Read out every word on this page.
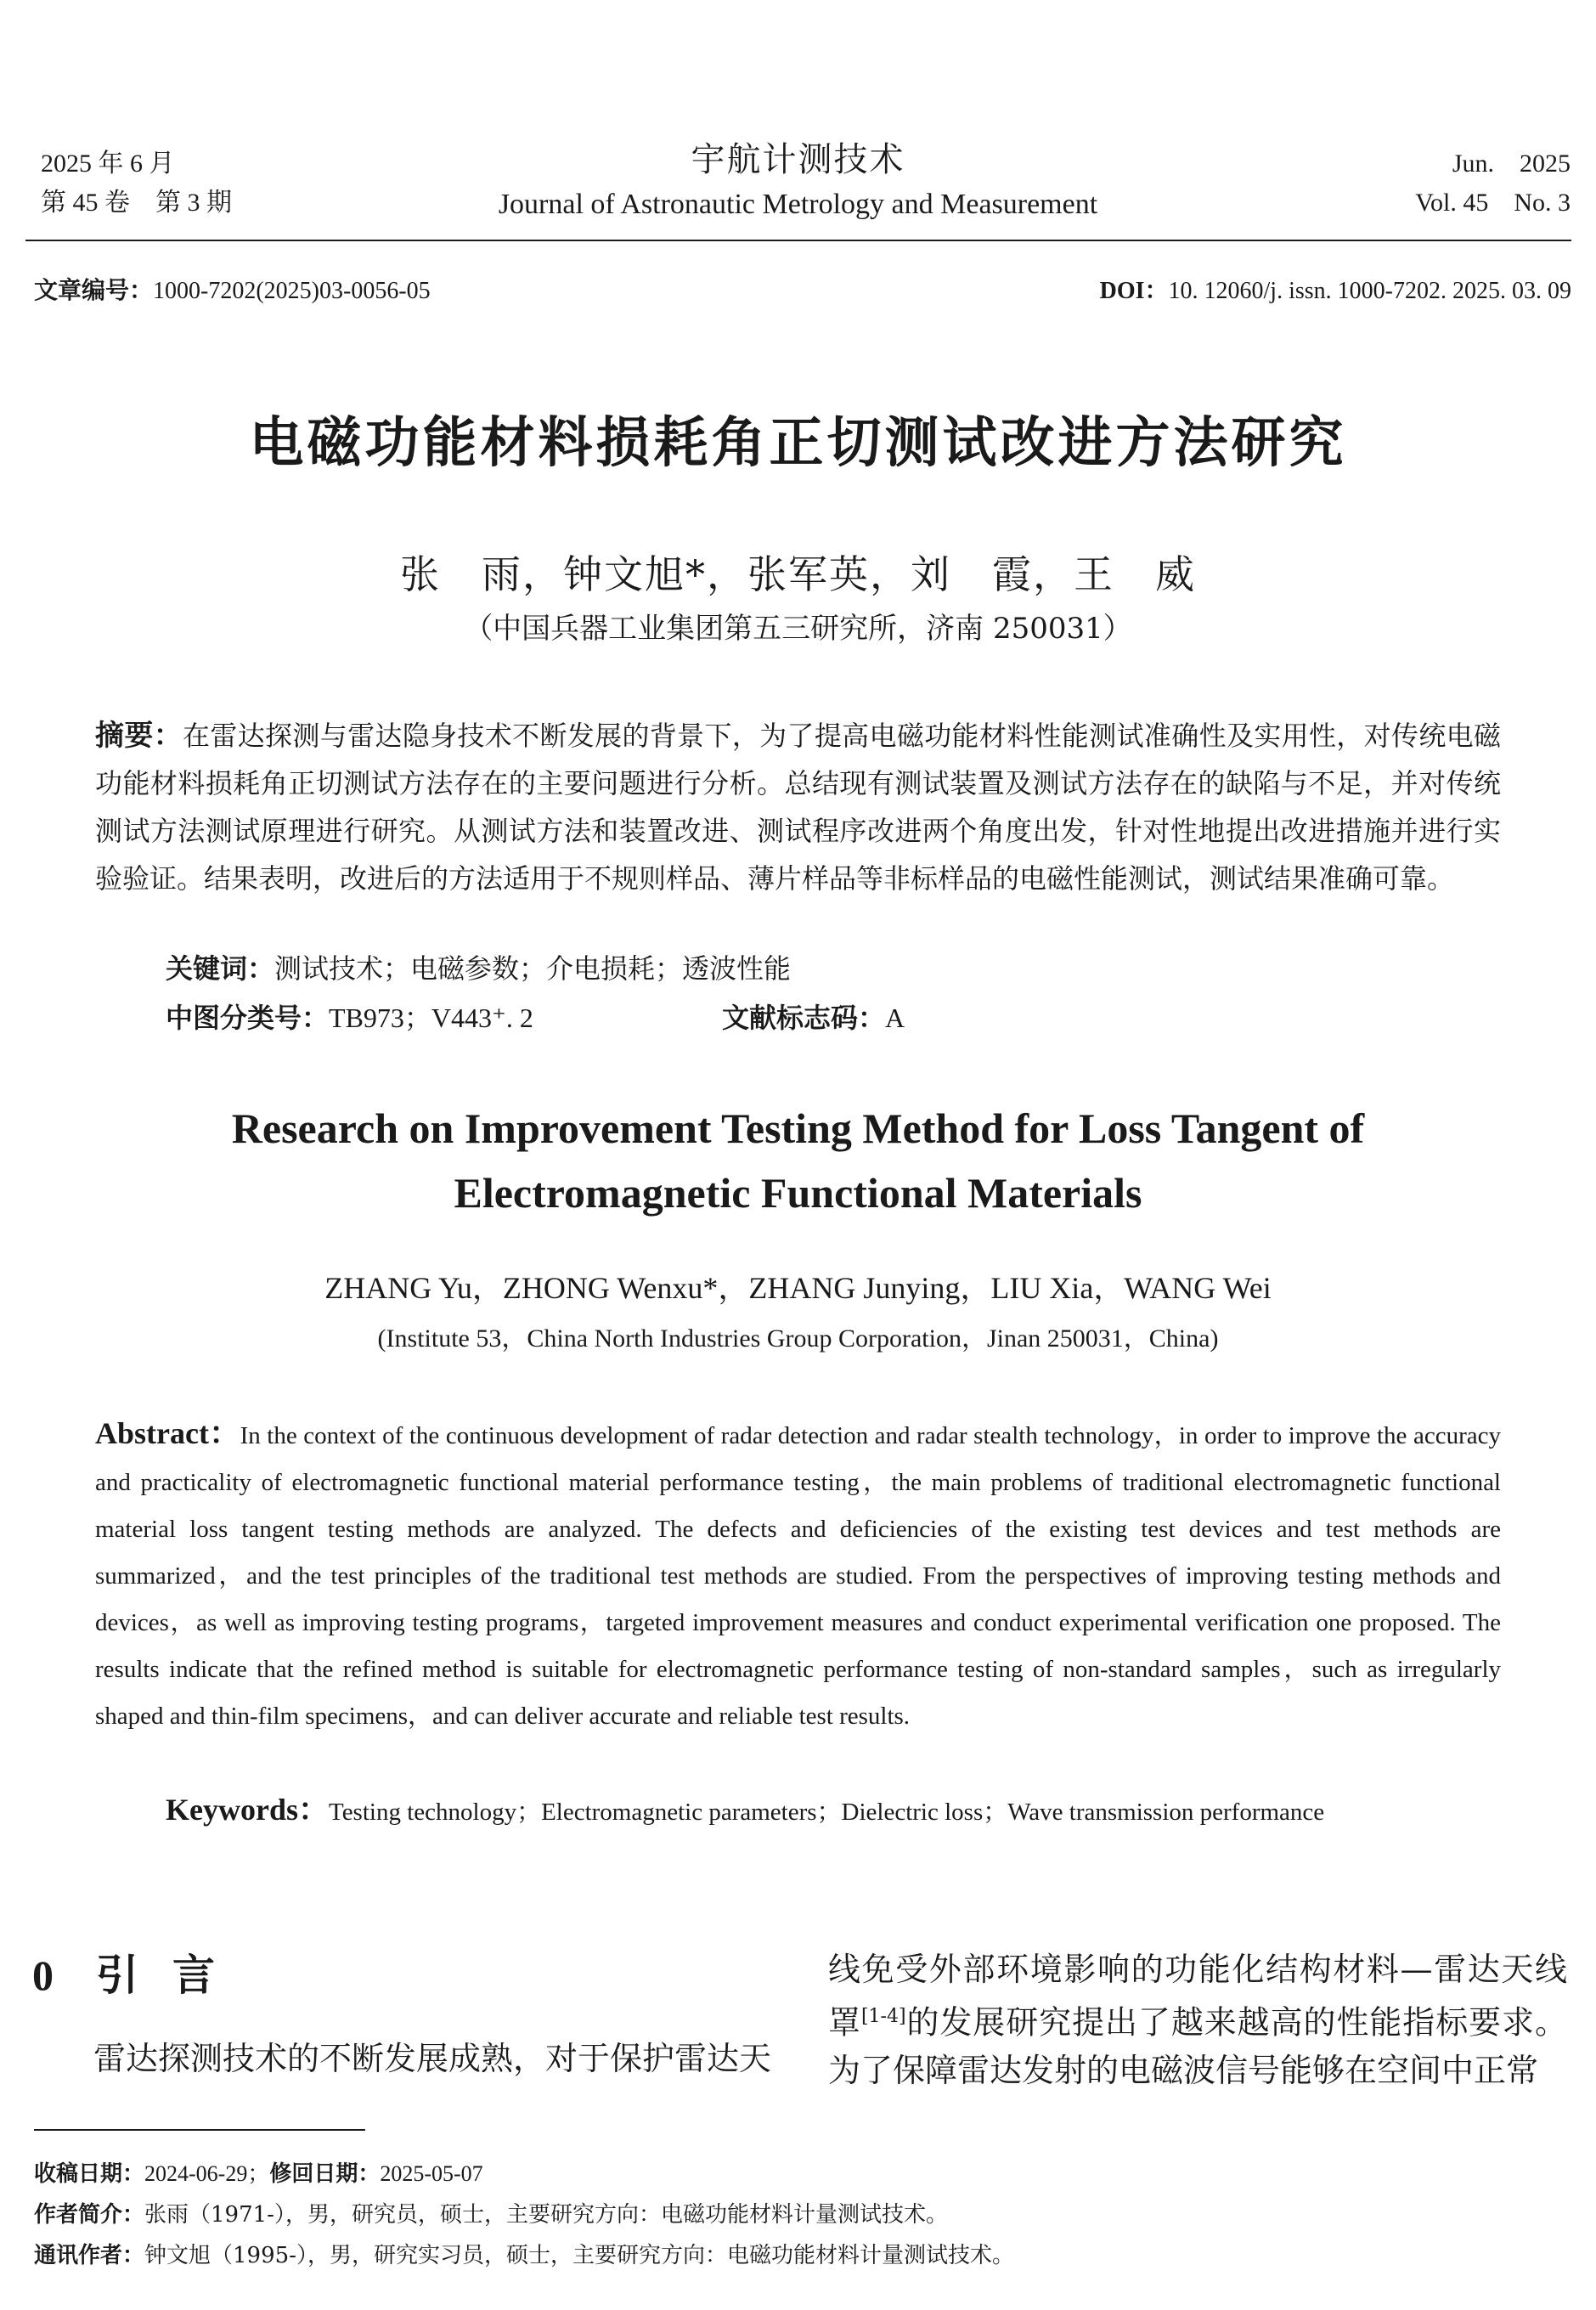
2025 年 6 月
第 45 卷　第 3 期
宇航计测技术
Journal of Astronautic Metrology and Measurement
Jun.　2025
Vol. 45　No. 3
文章编号：1000-7202(2025)03-0056-05	DOI：10. 12060/j. issn. 1000-7202. 2025. 03. 09
电磁功能材料损耗角正切测试改进方法研究
张　雨，钟文旭*，张军英，刘　霞，王　威
（中国兵器工业集团第五三研究所，济南 250031）
摘要：在雷达探测与雷达隐身技术不断发展的背景下，为了提高电磁功能材料性能测试准确性及实用性，对传统电磁功能材料损耗角正切测试方法存在的主要问题进行分析。总结现有测试装置及测试方法存在的缺陷与不足，并对传统测试方法测试原理进行研究。从测试方法和装置改进、测试程序改进两个角度出发，针对性地提出改进措施并进行实验验证。结果表明，改进后的方法适用于不规则样品、薄片样品等非标样品的电磁性能测试，测试结果准确可靠。
关键词：测试技术；电磁参数；介电损耗；透波性能
中图分类号：TB973；V443⁺. 2	文献标志码：A
Research on Improvement Testing Method for Loss Tangent of
Electromagnetic Functional Materials
ZHANG Yu，ZHONG Wenxu*，ZHANG Junying，LIU Xia，WANG Wei
(Institute 53，China North Industries Group Corporation，Jinan 250031，China)
Abstract：In the context of the continuous development of radar detection and radar stealth technology，in order to improve the accuracy and practicality of electromagnetic functional material performance testing，the main problems of traditional electromagnetic functional material loss tangent testing methods are analyzed. The defects and deficiencies of the existing test devices and test methods are summarized，and the test principles of the traditional test methods are studied. From the perspectives of improving testing methods and devices，as well as improving testing programs，targeted improvement measures and conduct experimental verification one proposed. The results indicate that the refined method is suitable for electromagnetic performance testing of non-standard samples，such as irregularly shaped and thin-film specimens，and can deliver accurate and reliable test results.
Keywords：Testing technology；Electromagnetic parameters；Dielectric loss；Wave transmission performance
0 引言
雷达探测技术的不断发展成熟，对于保护雷达天
线免受外部环境影响的功能化结构材料—雷达天线罩[1-4]的发展研究提出了越来越高的性能指标要求。为了保障雷达发射的电磁波信号能够在空间中正常
收稿日期：2024-06-29；修回日期：2025-05-07
作者简介：张雨（1971-），男，研究员，硕士，主要研究方向：电磁功能材料计量测试技术。
通讯作者：钟文旭（1995-），男，研究实习员，硕士，主要研究方向：电磁功能材料计量测试技术。
